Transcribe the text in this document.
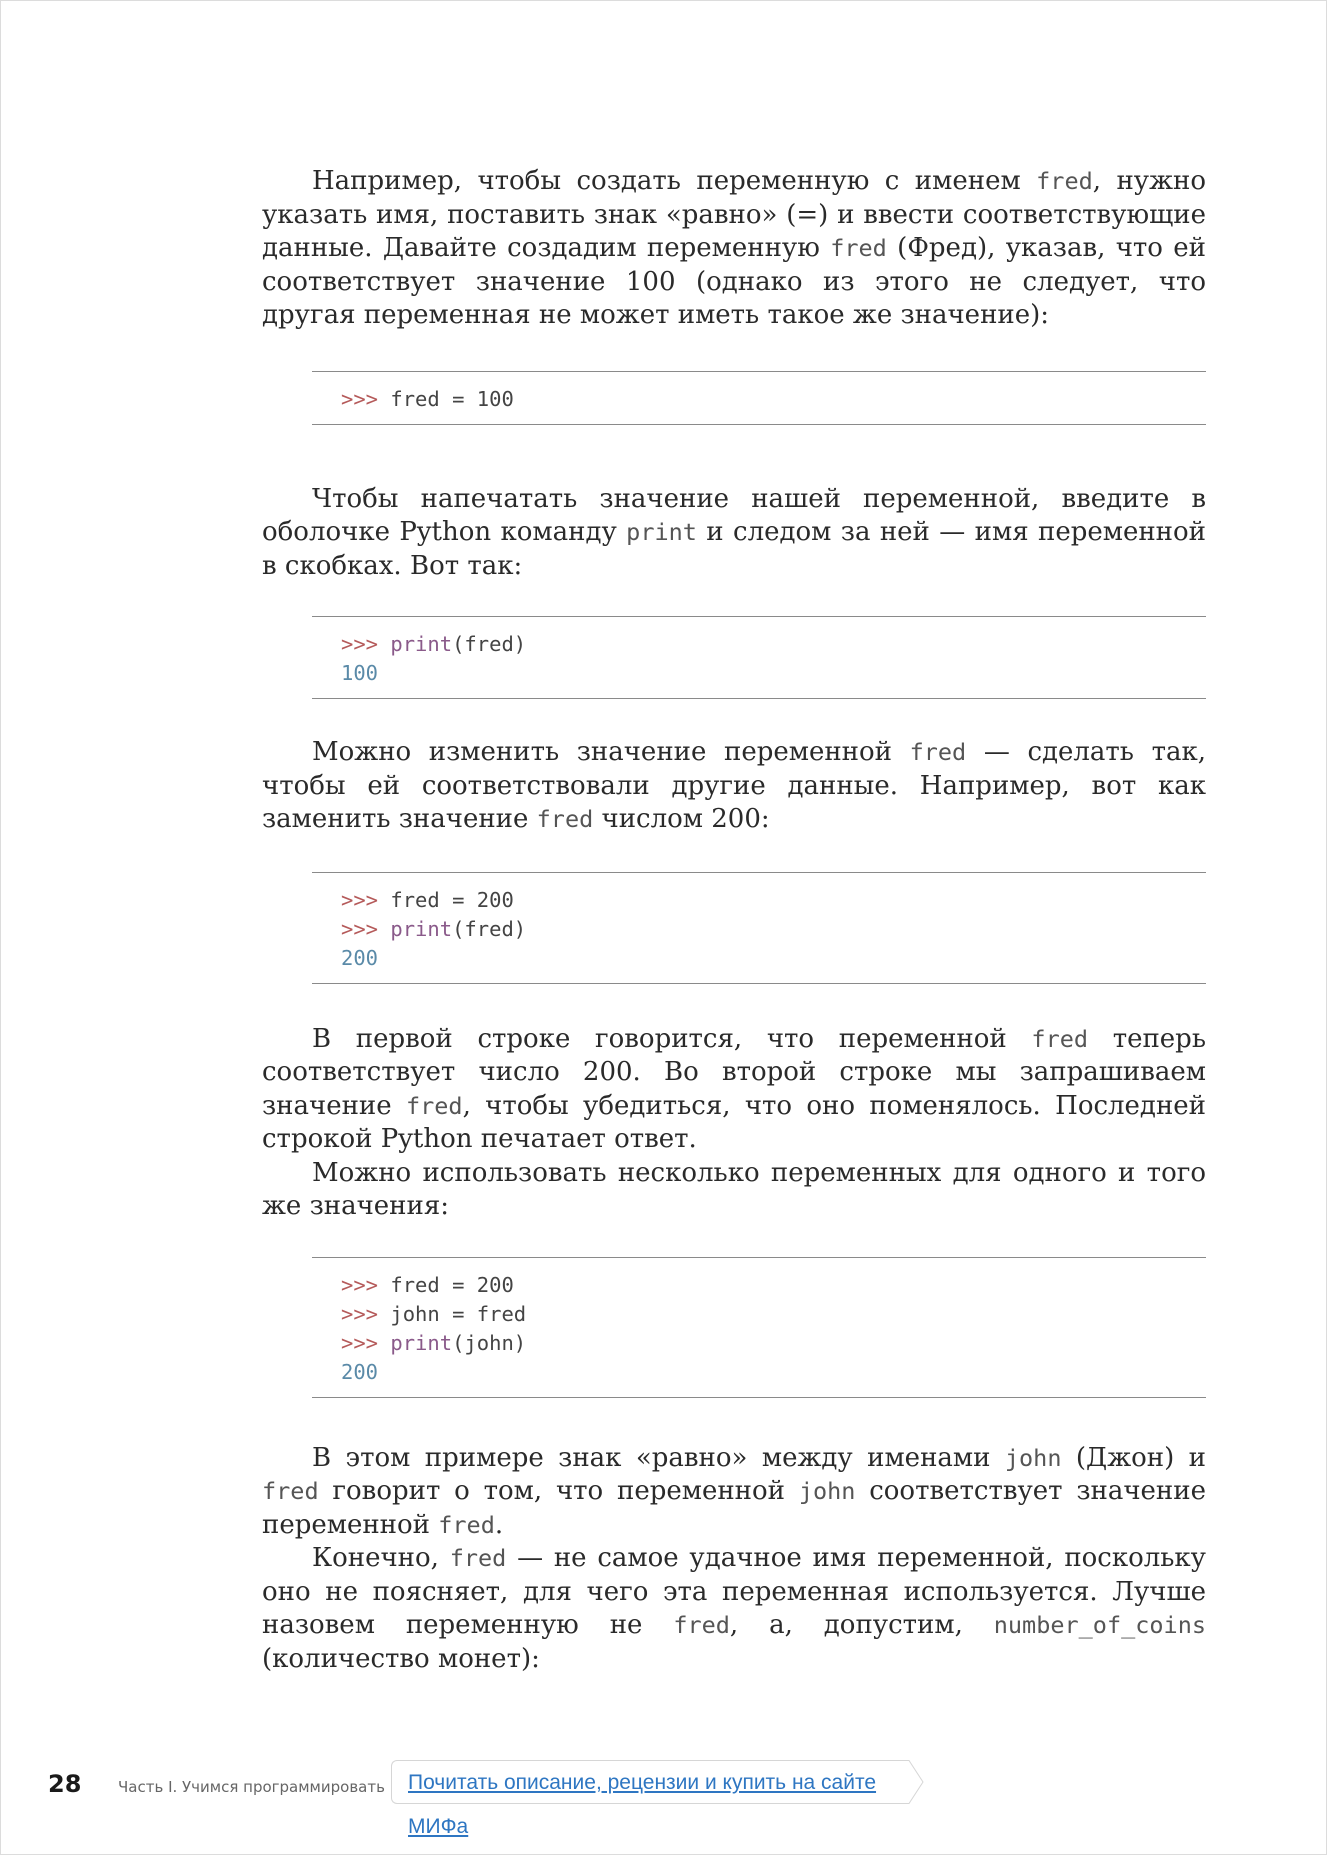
Например, чтобы создать переменную с именем fred, нужно указать имя, поставить знак «равно» (=) и ввести соответствующие данные. Давайте создадим переменную fred (Фред), указав, что ей соответствует значение 100 (однако из этого не следует, что другая переменная не может иметь такое же значение):

>>> fred = 100

Чтобы напечатать значение нашей переменной, введите в оболочке Python команду print и следом за ней — имя переменной в скобках. Вот так:

>>> print(fred)
100

Можно изменить значение переменной fred — сделать так, чтобы ей соответствовали другие данные. Например, вот как заменить значение fred числом 200:

>>> fred = 200
>>> print(fred)
200

В первой строке говорится, что переменной fred теперь соответствует число 200. Во второй строке мы запрашиваем значение fred, чтобы убедиться, что оно поменялось. Последней строкой Python печатает ответ.

Можно использовать несколько переменных для одного и того же значения:

>>> fred = 200
>>> john = fred
>>> print(john)
200

В этом примере знак «равно» между именами john (Джон) и fred говорит о том, что переменной john соответствует значение переменной fred.

Конечно, fred — не самое удачное имя переменной, поскольку оно не поясняет, для чего эта переменная используется. Лучше назовем переменную не fred, а, допустим, number_of_coins (количество монет):

28 Часть I. Учимся программировать	Почитать описание, рецензии и купить на сайте МИФа
